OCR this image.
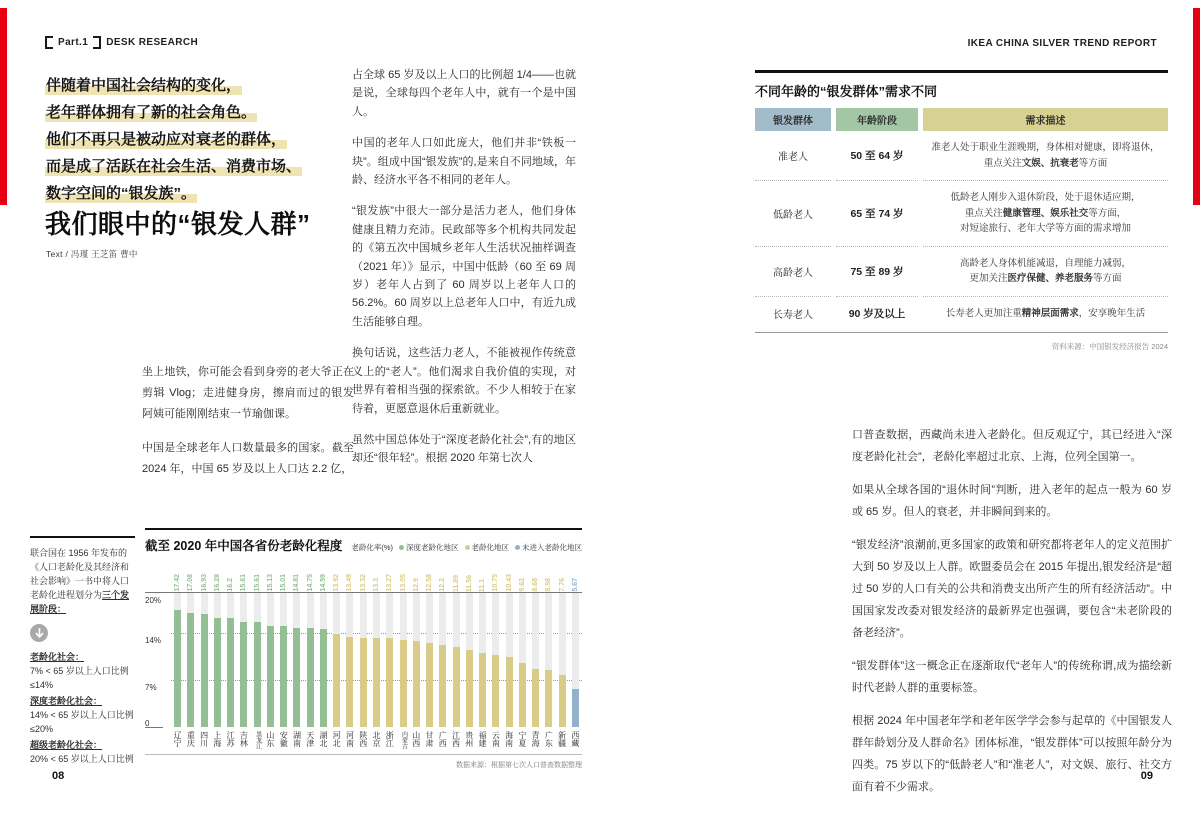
Part.1 DESK RESEARCH	IKEA CHINA SILVER TREND REPORT
伴随着中国社会结构的变化，
老年群体拥有了新的社会角色。
他们不再只是被动应对衰老的群体，
而是成了活跃在社会生活、消费市场、
数字空间的“银发族”。
我们眼中的“银发人群”
Text / 冯瑾 王芝笛 曹中

坐上地铁，你可能会看到身旁的老大爷正在剪辑 Vlog；走进健身房，擦肩而过的银发阿姨可能刚刚结束一节瑜伽课。

中国是全球老年人口数量最多的国家。截至 2024 年，中国 65 岁及以上人口达 2.2 亿，

占全球 65 岁及以上人口的比例超 1/4——也就是说，全球每四个老年人中，就有一个是中国人。

中国的老年人口如此庞大，他们并非“铁板一块”。组成中国“银发族”的,是来自不同地域，年龄、经济水平各不相同的老年人。

“银发族”中很大一部分是活力老人，他们身体健康且精力充沛。民政部等多个机构共同发起的《第五次中国城乡老年人生活状况抽样调查（2021 年）》显示，中国中低龄（60 至 69 周岁）老年人占到了 60 周岁以上老年人口的 56.2%。60 周岁以上总老年人口中，有近九成生活能够自理。

换句话说，这些活力老人，不能被视作传统意义上的“老人”。他们渴求自我价值的实现，对世界有着相当强的探索欲。不少人相较于在家待着，更愿意退休后重新就业。

虽然中国总体处于“深度老龄化社会”,有的地区却还“很年轻”。根据 2020 年第七次人

联合国在 1956 年发布的《人口老龄化及其经济和社会影响》一书中将人口老龄化进程划分为三个发展阶段：

老龄化社会：
7% < 65 岁以上人口比例≤14%
深度老龄化社会：
14% < 65 岁以上人口比例≤20%
超级老龄化社会：
20% < 65 岁以上人口比例
截至 2020 年中国各省份老龄化程度 老龄化率(%) 深度老龄化地区 老龄化地区 未进入老龄化地区
17.42 17.08 16.93 16.28 16.2 15.61 15.61 15.13 15.01 14.81 14.75 14.59 13.92 13.49 13.32 13.3 13.27 13.05 12.9 12.58 12.2 11.89 11.56 11.1 10.75 10.43 9.62 8.68 8.58 7.76 5.67
20%
14%
7%
0
辽宁 重庆 四川 上海 江苏 吉林 黑龙江 山东 安徽 湖南 天津 湖北 河北 河南 陕西 北京 浙江 内蒙古 山西 甘肃 广西 江西 贵州 福建 云南 海南 宁夏 青海 广东 新疆 西藏
数据来源：根据第七次人口普查数据整理
不同年龄的“银发群体”需求不同
银发群体	年龄阶段	需求描述
准老人	50 至 64 岁
准老人处于职业生涯晚期，身体相对健康，即将退休，
重点关注文娱、抗衰老等方面
低龄老人	65 至 74 岁
低龄老人刚步入退休阶段，处于退休适应期，
重点关注健康管理、娱乐社交等方面，
对短途旅行、老年大学等方面的需求增加
高龄老人	75 至 89 岁
高龄老人身体机能减退，自理能力减弱，
更加关注医疗保健、养老服务等方面
长寿老人	90 岁及以上	长寿老人更加注重精神层面需求，安享晚年生活
资料来源：中国银发经济报告 2024

口普查数据，西藏尚未进入老龄化。但反观辽宁，其已经进入“深度老龄化社会”，老龄化率超过北京、上海，位列全国第一。

如果从全球各国的“退休时间”判断，进入老年的起点一般为 60 岁或 65 岁。但人的衰老，并非瞬间到来的。

“银发经济”浪潮前,更多国家的政策和研究都将老年人的定义范围扩大到 50 岁及以上人群。欧盟委员会在 2015 年提出,银发经济是“超过 50 岁的人口有关的公共和消费支出所产生的所有经济活动”。中国国家发改委对银发经济的最新界定也强调，要包含“未老阶段的备老经济”。

“银发群体”这一概念正在逐渐取代“老年人”的传统称谓,成为描绘新时代老龄人群的重要标签。

根据 2024 年中国老年学和老年医学学会参与起草的《中国银发人群年龄划分及人群命名》团体标准，“银发群体”可以按照年龄分为四类。75 岁以下的“低龄老人”和“准老人”，对文娱、旅行、社交方面有着不少需求。

08	09
